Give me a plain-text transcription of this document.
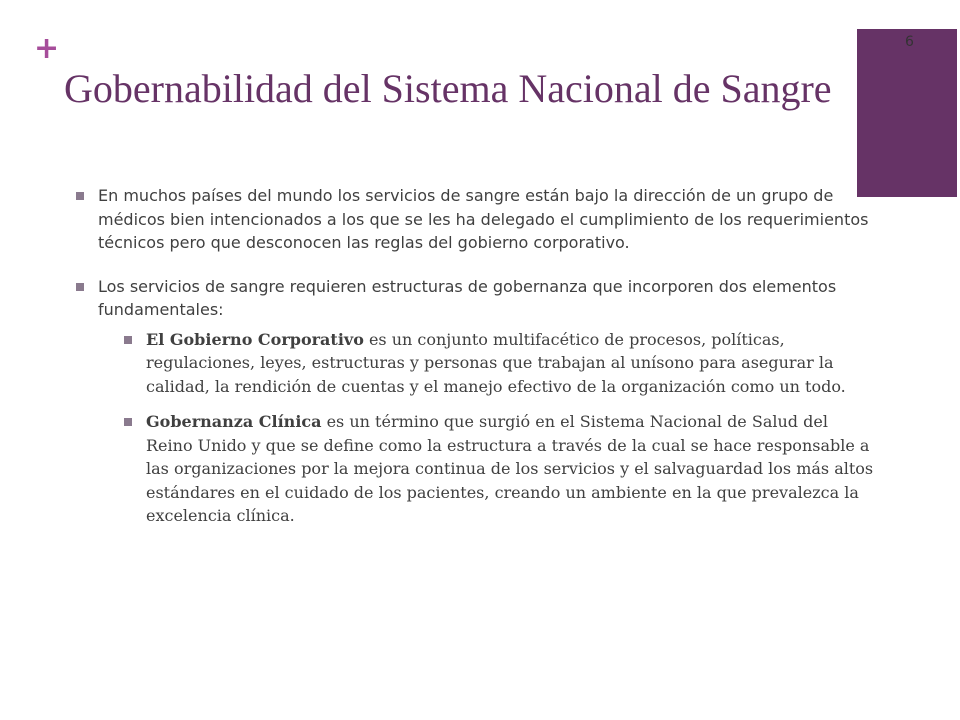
+	6
Gobernabilidad del Sistema Nacional de Sangre
En muchos países del mundo los servicios de sangre están bajo la dirección de un grupo de médicos bien intencionados a los que se les ha delegado el cumplimiento de los requerimientos técnicos pero que desconocen las reglas del gobierno corporativo.
Los servicios de sangre requieren estructuras de gobernanza que incorporen dos elementos fundamentales:
El Gobierno Corporativo es un conjunto multifacético de procesos, políticas, regulaciones, leyes, estructuras y personas que trabajan al unísono para asegurar la calidad, la rendición de cuentas y el manejo efectivo de la organización como un todo.
Gobernanza Clínica es un término que surgió en el Sistema Nacional de Salud del Reino Unido y que se define como la estructura a través de la cual se hace responsable a las organizaciones por la mejora continua de los servicios y el salvaguardad los más altos estándares en el cuidado de los pacientes, creando un ambiente en la que prevalezca la excelencia clínica.
